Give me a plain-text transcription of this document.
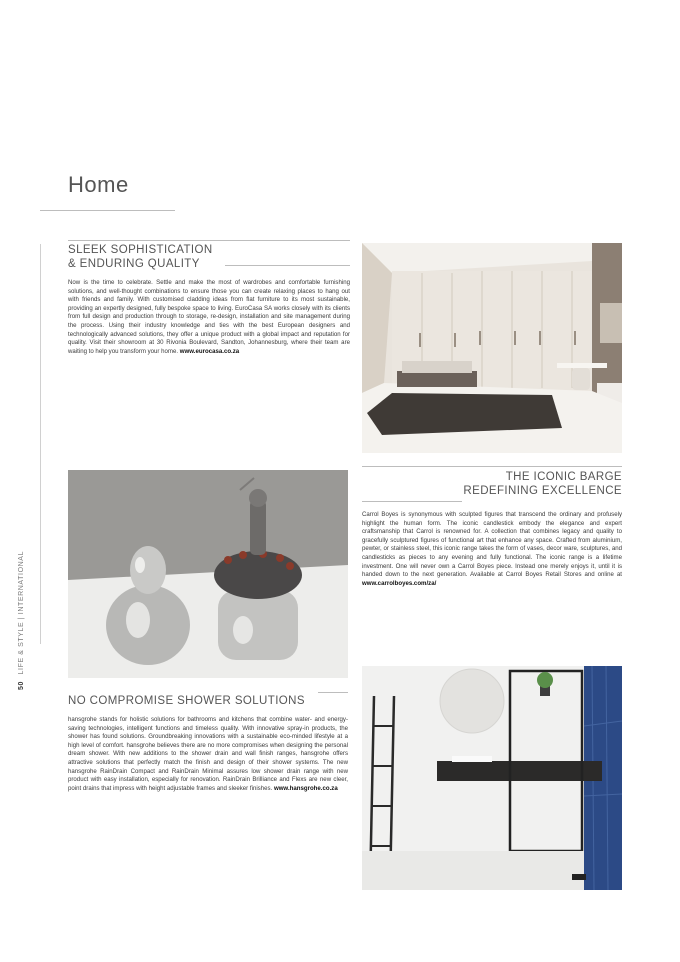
Home
50 LIFE & STYLE | INTERNATIONAL
SLEEK SOPHISTICATION
& ENDURING QUALITY
Now is the time to celebrate. Settle and make the most of wardrobes and comfortable furnishing solutions, and well-thought combinations to ensure those you can create relaxing places to hang out with friends and family. With customised cladding ideas from flat furniture to its most sustainable, providing an expertly designed, fully bespoke space to living. EuroCasa SA works closely with its clients from full design and production through to storage, re-design, installation and site management during the process. Using their industry knowledge and ties with the best European designers and technologically advanced solutions, they offer a unique product with a global impact and reputation for quality. Visit their showroom at 30 Rivonia Boulevard, Sandton, Johannesburg, where their team are waiting to help you transform your home. www.eurocasa.co.za
THE ICONIC BARGE
REDEFINING EXCELLENCE
Carrol Boyes is synonymous with sculpted figures that transcend the ordinary and profusely highlight the human form. The iconic candlestick embody the elegance and expert craftsmanship that Carrol is renowned for. A collection that combines legacy and quality to gracefully sculptured figures of functional art that enhance any space. Crafted from aluminium, pewter, or stainless steel, this iconic range takes the form of vases, decor ware, sculptures, and candlesticks as pieces to any evening and fully functional. The iconic range is a lifetime investment. One will never own a Carrol Boyes piece. Instead one merely enjoys it, until it is handed down to the next generation. Available at Carrol Boyes Retail Stores and online at www.carrolboyes.com/za/
NO COMPROMISE SHOWER SOLUTIONS
hansgrohe stands for holistic solutions for bathrooms and kitchens that combine water- and energy-saving technologies, intelligent functions and timeless quality. With innovative spray-in products, the shower has found solutions. Groundbreaking innovations with a sustainable eco-minded lifestyle at a high level of comfort. hansgrohe believes there are no more compromises when designing the personal dream shower. With new additions to the shower drain and wall finish ranges, hansgrohe offers attractive solutions that perfectly match the finish and design of their shower systems. The new hansgrohe RainDrain Compact and RainDrain Minimal assures low shower drain range with new product with easy installation, especially for renovation. RainDrain Brilliance and Flexs are new cleer, point drains that impress with height adjustable frames and sleeker finishes. www.hansgrohe.co.za
